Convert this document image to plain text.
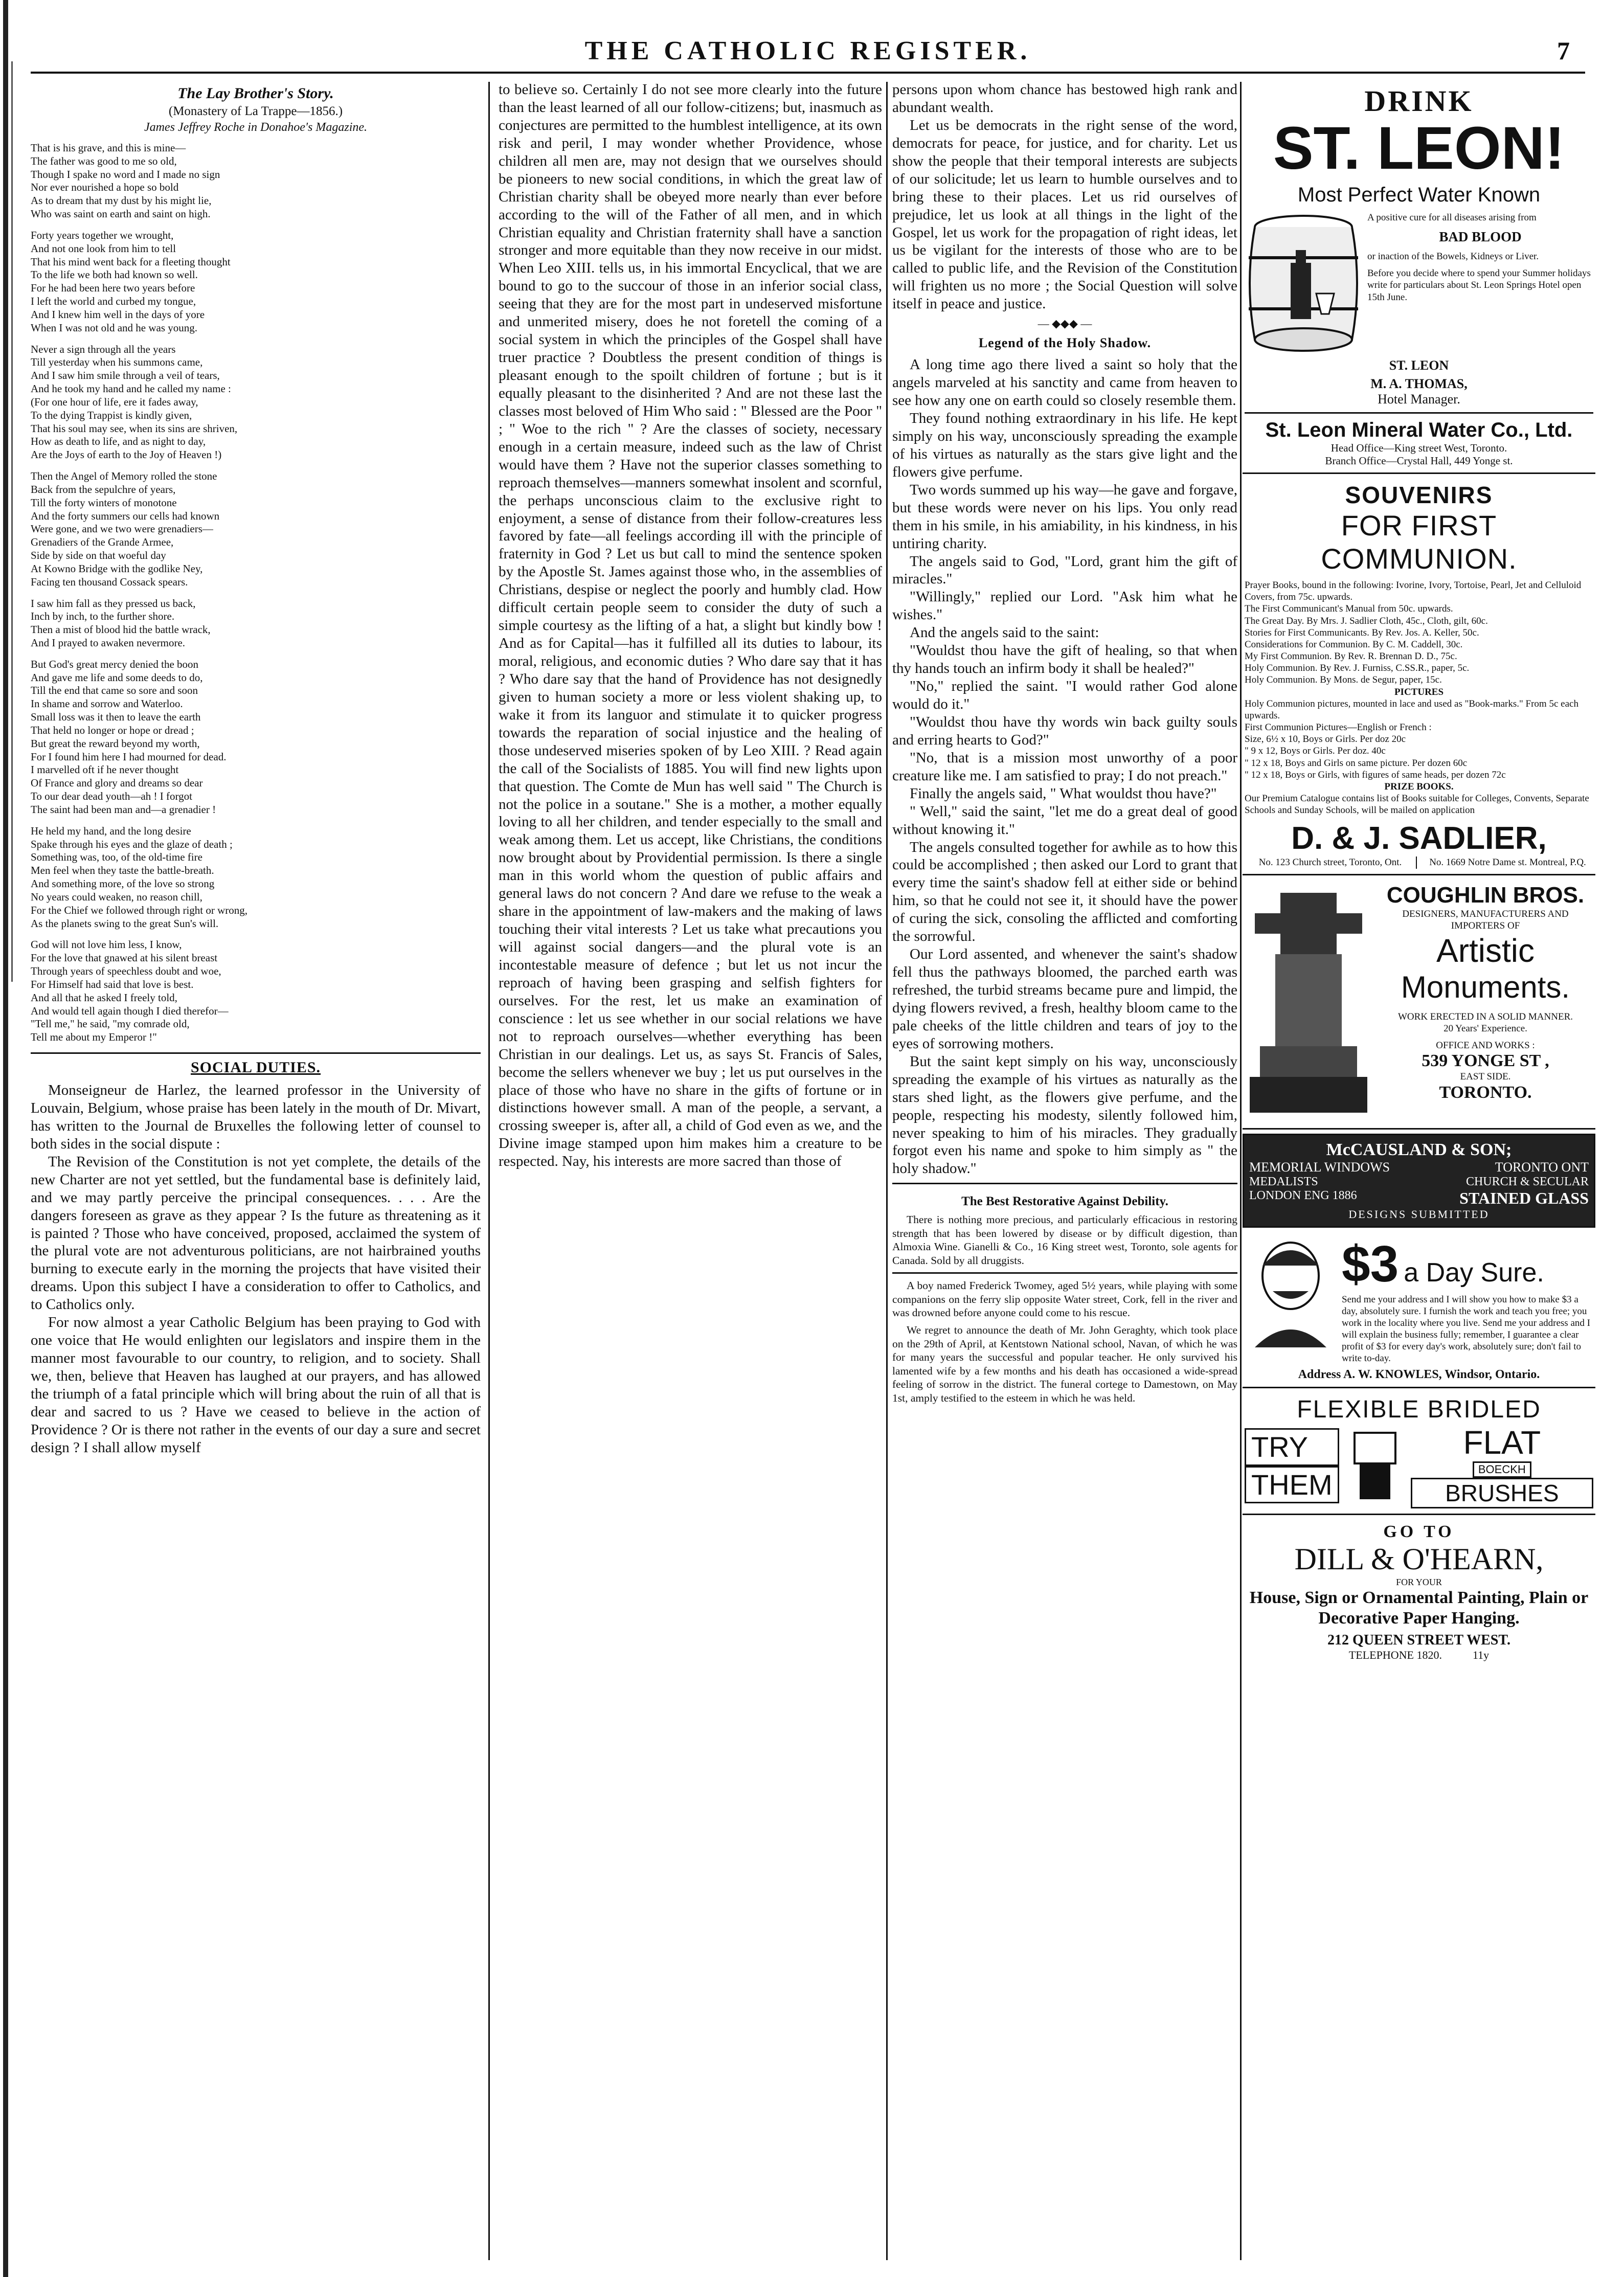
THE CATHOLIC REGISTER.	7
The Lay Brother's Story.
(Monastery of La Trappe—1856.)
James Jeffrey Roche in Donahoe's Magazine.

That is his grave, and this is mine—
The father was good to me so old,
Though I spake no word and I made no sign
Nor ever nourished a hope so bold
As to dream that my dust by his might lie,
Who was saint on earth and saint on high.

Forty years together we wrought,
And not one look from him to tell
That his mind went back for a fleeting thought
To the life we both had known so well.
For he had been here two years before
I left the world and curbed my tongue,
And I knew him well in the days of yore
When I was not old and he was young.

Never a sign through all the years
Till yesterday when his summons came,
And I saw him smile through a veil of tears,
And he took my hand and he called my name :
(For one hour of life, ere it fades away,
To the dying Trappist is kindly given,
That his soul may see, when its sins are shriven,
How as death to life, and as night to day,
Are the Joys of earth to the Joy of Heaven !)

Then the Angel of Memory rolled the stone
Back from the sepulchre of years,
Till the forty winters of monotone
And the forty summers our cells had known
Were gone, and we two were grenadiers—
Grenadiers of the Grande Armee,
Side by side on that woeful day
At Kowno Bridge with the godlike Ney,
Facing ten thousand Cossack spears.

I saw him fall as they pressed us back,
Inch by inch, to the further shore.
Then a mist of blood hid the battle wrack,
And I prayed to awaken nevermore.

But God's great mercy denied the boon
And gave me life and some deeds to do,
Till the end that came so sore and soon
In shame and sorrow and Waterloo.
Small loss was it then to leave the earth
That held no longer or hope or dread ;
But great the reward beyond my worth,
For I found him here I had mourned for dead.
I marvelled oft if he never thought
Of France and glory and dreams so dear
To our dear dead youth—ah ! I forgot
The saint had been man and—a grenadier !

He held my hand, and the long desire
Spake through his eyes and the glaze of death ;
Something was, too, of the old-time fire
Men feel when they taste the battle-breath.
And something more, of the love so strong
No years could weaken, no reason chill,
For the Chief we followed through right or wrong,
As the planets swing to the great Sun's will.

God will not love him less, I know,
For the love that gnawed at his silent breast
Through years of speechless doubt and woe,
For Himself had said that love is best.
And all that he asked I freely told,
And would tell again though I died therefor—
"Tell me," he said, "my comrade old,
Tell me about my Emperor !"

SOCIAL DUTIES.

Monseigneur de Harlez, the learned professor in the University of Louvain, Belgium, whose praise has been lately in the mouth of Dr. Mivart, has written to the Journal de Bruxelles the following letter of counsel to both sides in the social dispute :

The Revision of the Constitution is not yet complete, the details of the new Charter are not yet settled, but the fundamental base is definitely laid, and we may partly perceive the principal consequences. . . . Are the dangers foreseen as grave as they appear ? Is the future as threatening as it is painted ? Those who have conceived, proposed, acclaimed the system of the plural vote are not adventurous politicians, are not hairbrained youths burning to execute early in the morning the projects that have visited their dreams. Upon this subject I have a consideration to offer to Catholics, and to Catholics only.

For now almost a year Catholic Belgium has been praying to God with one voice that He would enlighten our legislators and inspire them in the manner most favourable to our country, to religion, and to society. Shall we, then, believe that Heaven has laughed at our prayers, and has allowed the triumph of a fatal principle which will bring about the ruin of all that is dear and sacred to us ? Have we ceased to believe in the action of Providence ? Or is there not rather in the events of our day a sure and secret design ? I shall allow myself

to believe so. Certainly I do not see more clearly into the future than the least learned of all our follow-citizens; but, inasmuch as conjectures are permitted to the humblest intelligence, at its own risk and peril, I may wonder whether Providence, whose children all men are, may not design that we ourselves should be pioneers to new social conditions, in which the great law of Christian charity shall be obeyed more nearly than ever before according to the will of the Father of all men, and in which Christian equality and Christian fraternity shall have a sanction stronger and more equitable than they now receive in our midst. When Leo XIII. tells us, in his immortal Encyclical, that we are bound to go to the succour of those in an inferior social class, seeing that they are for the most part in undeserved misfortune and unmerited misery, does he not foretell the coming of a social system in which the principles of the Gospel shall have truer practice ? Doubtless the present condition of things is pleasant enough to the spoilt children of fortune ; but is it equally pleasant to the disinherited ? And are not these last the classes most beloved of Him Who said : " Blessed are the Poor " ; " Woe to the rich " ? Are the classes of society, necessary enough in a certain measure, indeed such as the law of Christ would have them ? Have not the superior classes something to reproach themselves—manners somewhat insolent and scornful, the perhaps unconscious claim to the exclusive right to enjoyment, a sense of distance from their follow-creatures less favored by fate—all feelings according ill with the principle of fraternity in God ? Let us but call to mind the sentence spoken by the Apostle St. James against those who, in the assemblies of Christians, despise or neglect the poorly and humbly clad. How difficult certain people seem to consider the duty of such a simple courtesy as the lifting of a hat, a slight but kindly bow ! And as for Capital—has it fulfilled all its duties to labour, its moral, religious, and economic duties ? Who dare say that it has ? Who dare say that the hand of Providence has not designedly given to human society a more or less violent shaking up, to wake it from its languor and stimulate it to quicker progress towards the reparation of social injustice and the healing of those undeserved miseries spoken of by Leo XIII. ? Read again the call of the Socialists of 1885. You will find new lights upon that question. The Comte de Mun has well said " The Church is not the police in a soutane." She is a mother, a mother equally loving to all her children, and tender especially to the small and weak among them. Let us accept, like Christians, the conditions now brought about by Providential permission. Is there a single man in this world whom the question of public affairs and general laws do not concern ? And dare we refuse to the weak a share in the appointment of law-makers and the making of laws touching their vital interests ? Let us take what precautions you will against social dangers—and the plural vote is an incontestable measure of defence ; but let us not incur the reproach of having been grasping and selfish fighters for ourselves. For the rest, let us make an examination of conscience : let us see whether in our social relations we have not to reproach ourselves—whether everything has been Christian in our dealings. Let us, as says St. Francis of Sales, become the sellers whenever we buy ; let us put ourselves in the place of those who have no share in the gifts of fortune or in distinctions however small. A man of the people, a servant, a crossing sweeper is, after all, a child of God even as we, and the Divine image stamped upon him makes him a creature to be respected. Nay, his interests are more sacred than those of

persons upon whom chance has bestowed high rank and abundant wealth.

Let us be democrats in the right sense of the word, democrats for peace, for justice, and for charity. Let us show the people that their temporal interests are subjects of our solicitude; let us learn to humble ourselves and to bring these to their places. Let us rid ourselves of prejudice, let us look at all things in the light of the Gospel, let us work for the propagation of right ideas, let us be vigilant for the interests of those who are to be called to public life, and the Revision of the Constitution will frighten us no more ; the Social Question will solve itself in peace and justice.

— ◆◆◆ —
Legend of the Holy Shadow.

A long time ago there lived a saint so holy that the angels marveled at his sanctity and came from heaven to see how any one on earth could so closely resemble them.

They found nothing extraordinary in his life. He kept simply on his way, unconsciously spreading the example of his virtues as naturally as the stars give light and the flowers give perfume.

Two words summed up his way—he gave and forgave, but these words were never on his lips. You only read them in his smile, in his amiability, in his kindness, in his untiring charity.

The angels said to God, "Lord, grant him the gift of miracles."

"Willingly," replied our Lord. "Ask him what he wishes."

And the angels said to the saint:

"Wouldst thou have the gift of healing, so that when thy hands touch an infirm body it shall be healed?"

"No," replied the saint. "I would rather God alone would do it."

"Wouldst thou have thy words win back guilty souls and erring hearts to God?"

"No, that is a mission most unworthy of a poor creature like me. I am satisfied to pray; I do not preach."

Finally the angels said, " What wouldst thou have?"

" Well," said the saint, "let me do a great deal of good without knowing it."

The angels consulted together for awhile as to how this could be accomplished ; then asked our Lord to grant that every time the saint's shadow fell at either side or behind him, so that he could not see it, it should have the power of curing the sick, consoling the afflicted and comforting the sorrowful.

Our Lord assented, and whenever the saint's shadow fell thus the pathways bloomed, the parched earth was refreshed, the turbid streams became pure and limpid, the dying flowers revived, a fresh, healthy bloom came to the pale cheeks of the little children and tears of joy to the eyes of sorrowing mothers.

But the saint kept simply on his way, unconsciously spreading the example of his virtues as naturally as the stars shed light, as the flowers give perfume, and the people, respecting his modesty, silently followed him, never speaking to him of his miracles. They gradually forgot even his name and spoke to him simply as " the holy shadow."

The Best Restorative Against Debility.

There is nothing more precious, and particularly efficacious in restoring strength that has been lowered by disease or by difficult digestion, than Almoxia Wine. Gianelli & Co., 16 King street west, Toronto, sole agents for Canada. Sold by all druggists.

A boy named Frederick Twomey, aged 5½ years, while playing with some companions on the ferry slip opposite Water street, Cork, fell in the river and was drowned before anyone could come to his rescue.

We regret to announce the death of Mr. John Geraghty, which took place on the 29th of April, at Kentstown National school, Navan, of which he was for many years the successful and popular teacher. He only survived his lamented wife by a few months and his death has occasioned a wide-spread feeling of sorrow in the district. The funeral cortege to Damestown, on May 1st, amply testified to the esteem in which he was held.

DRINK
ST. LEON!
Most Perfect Water Known
A positive cure for all diseases arising from
BAD BLOOD
or inaction of the Bowels, Kidneys or Liver.
Before you decide where to spend your Summer holidays write for particulars about St. Leon Springs Hotel open 15th June.
ST. LEON
M. A. THOMAS,
Hotel Manager.
St. Leon Mineral Water Co., Ltd.
Head Office—King street West, Toronto.
Branch Office—Crystal Hall, 449 Yonge st.
SOUVENIRS
FOR FIRST COMMUNION.
Prayer Books, bound in the following: Ivorine, Ivory, Tortoise, Pearl, Jet and Celluloid Covers, from 75c. upwards.
The First Communicant's Manual from 50c. upwards.
The Great Day. By Mrs. J. Sadlier Cloth, 45c., Cloth, gilt, 60c.
Stories for First Communicants. By Rev. Jos. A. Keller, 50c.
Considerations for Communion. By C. M. Caddell, 30c.
My First Communion. By Rev. R. Brennan D. D., 75c.
Holy Communion. By Rev. J. Furniss, C.SS.R., paper, 5c.
Holy Communion. By Mons. de Segur, paper, 15c.
PICTURES
Holy Communion pictures, mounted in lace and used as "Book-marks." From 5c each upwards.
First Communion Pictures—English or French :
Size, 6½ x 10, Boys or Girls. Per doz 20c
" 9 x 12, Boys or Girls. Per doz. 40c
" 12 x 18, Boys and Girls on same picture. Per dozen 60c
" 12 x 18, Boys or Girls, with figures of same heads, per dozen 72c
PRIZE BOOKS.
Our Premium Catalogue contains list of Books suitable for Colleges, Convents, Separate Schools and Sunday Schools, will be mailed on application
D. & J. SADLIER,
No. 123 Church street, Toronto, Ont.	No. 1669 Notre Dame st. Montreal, P.Q.
COUGHLIN BROS.
DESIGNERS, MANUFACTURERS AND IMPORTERS OF
Artistic
Monuments.
WORK ERECTED IN A SOLID MANNER.
20 Years' Experience.
OFFICE AND WORKS :
539 YONGE ST ,
EAST SIDE.
TORONTO.
McCAUSLAND & SON;
MEMORIAL WINDOWS	TORONTO ONT
MEDALISTS	CHURCH & SECULAR
LONDON ENG 1886	STAINED GLASS
DESIGNS SUBMITTED
$3 a Day Sure.
Send me your address and I will show you how to make $3 a day, absolutely sure. I furnish the work and teach you free; you work in the locality where you live. Send me your address and I will explain the business fully; remember, I guarantee a clear profit of $3 for every day's work, absolutely sure; don't fail to write to-day.
Address A. W. KNOWLES, Windsor, Ontario.
FLEXIBLE BRIDLED
TRY
THEM
FLAT
BOECKH
BRUSHES
GO TO
DILL & O'HEARN,
FOR YOUR
House, Sign or Ornamental Painting, Plain or Decorative Paper Hanging.
212 QUEEN STREET WEST.
TELEPHONE 1820.	11y
